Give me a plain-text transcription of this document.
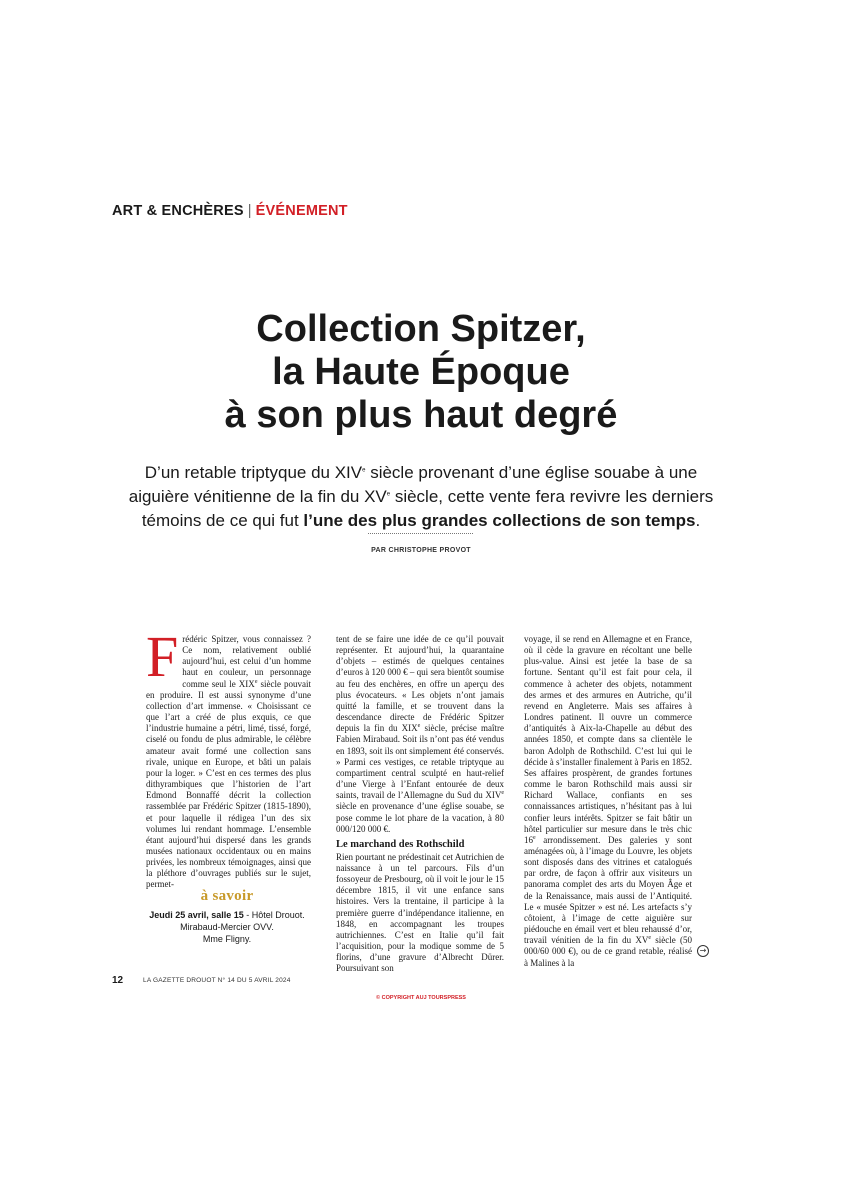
ART & ENCHÈRES | ÉVÉNEMENT
Collection Spitzer,
la Haute Époque
à son plus haut degré
D’un retable triptyque du XIVe siècle provenant d’une église souabe à une
aiguière vénitienne de la fin du XVe siècle, cette vente fera revivre les derniers
témoins de ce qui fut l’une des plus grandes collections de son temps.
PAR CHRISTOPHE PROVOT

Frédéric Spitzer, vous connaissez ? Ce nom, relativement oublié aujourd’hui, est celui d’un homme haut en couleur, un personnage comme seul le XIXe siècle pouvait en produire. Il est aussi synonyme d’une collection d’art immense. « Choisissant ce que l’art a créé de plus exquis, ce que l’industrie humaine a pétri, limé, tissé, forgé, ciselé ou fondu de plus admirable, le célèbre amateur avait formé une collection sans rivale, unique en Europe, et bâti un palais pour la loger. » C’est en ces termes des plus dithyrambiques que l’historien de l’art Edmond Bonnaffé décrit la collection rassemblée par Frédéric Spitzer (1815-1890), et pour laquelle il rédigea l’un des six volumes lui rendant hommage. L’ensemble étant aujourd’hui dispersé dans les grands musées nationaux occidentaux ou en mains privées, les nombreux témoignages, ainsi que la pléthore d’ouvrages publiés sur le sujet, permet-

tent de se faire une idée de ce qu’il pouvait représenter. Et aujourd’hui, la quarantaine d’objets – estimés de quelques centaines d’euros à 120 000 € – qui sera bientôt soumise au feu des enchères, en offre un aperçu des plus évocateurs. « Les objets n’ont jamais quitté la famille, et se trouvent dans la descendance directe de Frédéric Spitzer depuis la fin du XIXe siècle, précise maître Fabien Mirabaud. Soit ils n’ont pas été vendus en 1893, soit ils ont simplement été conservés. » Parmi ces vestiges, ce retable triptyque au compartiment central sculpté en haut-relief d’une Vierge à l’Enfant entourée de deux saints, travail de l’Allemagne du Sud du XIVe siècle en provenance d’une église souabe, se pose comme le lot phare de la vacation, à 80 000/120 000 €.

Le marchand des Rothschild

Rien pourtant ne prédestinait cet Autrichien de naissance à un tel parcours. Fils d’un fossoyeur de Presbourg, où il voit le jour le 15 décembre 1815, il vit une enfance sans histoires. Vers la trentaine, il participe à la première guerre d’indépendance italienne, en 1848, en accompagnant les troupes autrichiennes. C’est en Italie qu’il fait l’acquisition, pour la modique somme de 5 florins, d’une gravure d’Albrecht Dürer. Poursuivant son

voyage, il se rend en Allemagne et en France, où il cède la gravure en récoltant une belle plus-value. Ainsi est jetée la base de sa fortune. Sentant qu’il est fait pour cela, il commence à acheter des objets, notamment des armes et des armures en Autriche, qu’il revend en Angleterre. Mais ses affaires à Londres patinent. Il ouvre un commerce d’antiquités à Aix-la-Chapelle au début des années 1850, et compte dans sa clientèle le baron Adolph de Rothschild. C’est lui qui le décide à s’installer finalement à Paris en 1852. Ses affaires prospèrent, de grandes fortunes comme le baron Rothschild mais aussi sir Richard Wallace, confiants en ses connaissances artistiques, n’hésitant pas à lui confier leurs intérêts. Spitzer se fait bâtir un hôtel particulier sur mesure dans le très chic 16e arrondissement. Des galeries y sont aménagées où, à l’image du Louvre, les objets sont disposés dans des vitrines et catalogués par ordre, de façon à offrir aux visiteurs un panorama complet des arts du Moyen Âge et de la Renaissance, mais aussi de l’Antiquité. Le « musée Spitzer » est né. Les artefacts s’y côtoient, à l’image de cette aiguière sur piédouche en émail vert et bleu rehaussé d’or, travail vénitien de la fin du XVe siècle (50 000/60 000 €), ou de ce grand retable, réalisé à Malines à la

à savoir
Jeudi 25 avril, salle 15 - Hôtel Drouot.
Mirabaud-Mercier OVV.
Mme Fligny.
→
12	LA GAZETTE DROUOT N° 14 DU 5 AVRIL 2024
© COPYRIGHT AUJ TOURSPRESS
